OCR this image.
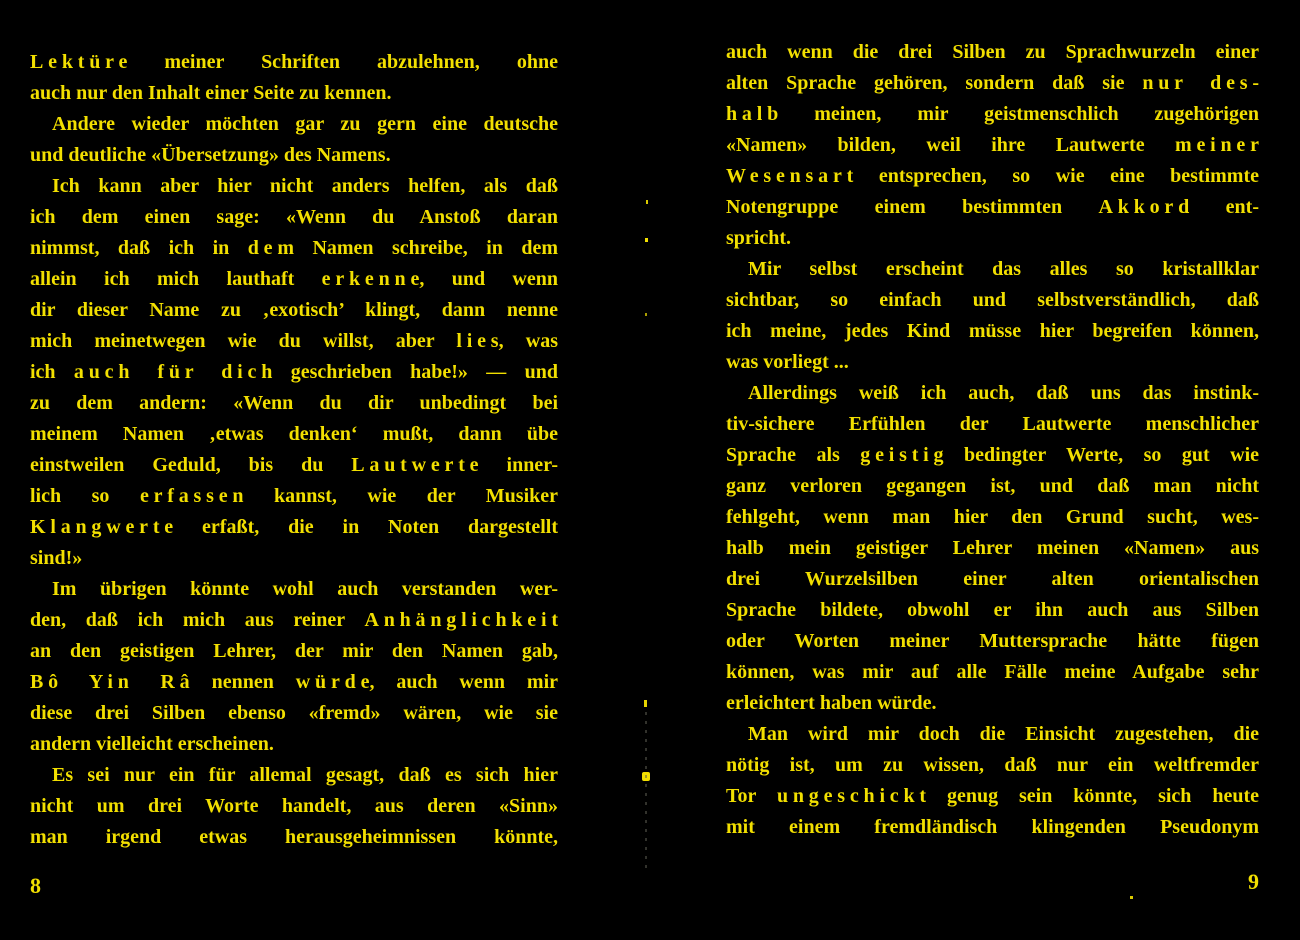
Lektüre meiner Schriften abzulehnen, ohne
auch nur den Inhalt einer Seite zu kennen.
Andere wieder möchten gar zu gern eine deutsche
und deutliche «Übersetzung» des Namens.
Ich kann aber hier nicht anders helfen, als daß
ich dem einen sage: «Wenn du Anstoß daran
nimmst, daß ich in dem Namen schreibe, in dem
allein ich mich lauthaft erkenne, und wenn
dir dieser Name zu ‚exotisch’ klingt, dann nenne
mich meinetwegen wie du willst, aber lies, was
ich auch für dich geschrieben habe!» — und
zu dem andern: «Wenn du dir unbedingt bei
meinem Namen ‚etwas denken‘ mußt, dann übe
einstweilen Geduld, bis du Lautwerte inner-
lich so erfassen kannst, wie der Musiker
Klangwerte erfaßt, die in Noten dargestellt
sind!»
Im übrigen könnte wohl auch verstanden wer-
den, daß ich mich aus reiner Anhänglichkeit
an den geistigen Lehrer, der mir den Namen gab,
Bô Yin Râ nennen würde, auch wenn mir
diese drei Silben ebenso «fremd» wären, wie sie
andern vielleicht erscheinen.
Es sei nur ein für allemal gesagt, daß es sich hier
nicht um drei Worte handelt, aus deren «Sinn»
man irgend etwas herausgeheimnissen könnte,
auch wenn die drei Silben zu Sprachwurzeln einer
alten Sprache gehören, sondern daß sie nur des-
halb meinen, mir geistmenschlich zugehörigen
«Namen» bilden, weil ihre Lautwerte meiner
Wesensart entsprechen, so wie eine bestimmte
Notengruppe einem bestimmten Akkord ent-
spricht.
Mir selbst erscheint das alles so kristallklar
sichtbar, so einfach und selbstverständlich, daß
ich meine, jedes Kind müsse hier begreifen können,
was vorliegt ...
Allerdings weiß ich auch, daß uns das instink-
tiv-sichere Erfühlen der Lautwerte menschlicher
Sprache als geistig bedingter Werte, so gut wie
ganz verloren gegangen ist, und daß man nicht
fehlgeht, wenn man hier den Grund sucht, wes-
halb mein geistiger Lehrer meinen «Namen» aus
drei Wurzelsilben einer alten orientalischen
Sprache bildete, obwohl er ihn auch aus Silben
oder Worten meiner Muttersprache hätte fügen
können, was mir auf alle Fälle meine Aufgabe sehr
erleichtert haben würde.
Man wird mir doch die Einsicht zugestehen, die
nötig ist, um zu wissen, daß nur ein weltfremder
Tor ungeschickt genug sein könnte, sich heute
mit einem fremdländisch klingenden Pseudonym
8	9
